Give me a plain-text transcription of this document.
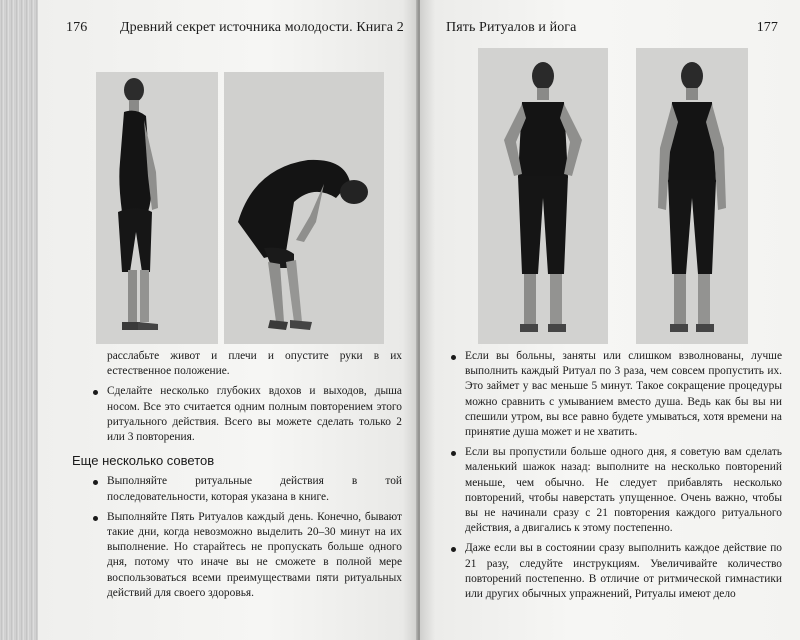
176 Древний секрет источника молодости. Книга 2

расслабьте живот и плечи и опустите руки в их естественное положение.

Сделайте несколько глубоких вдохов и выходов, дыша носом. Все это считается одним полным повторением этого ритуального действия. Всего вы можете сделать только 2 или 3 повторения.
Еще несколько советов
Выполняйте ритуальные действия в той последовательности, которая указана в книге.
Выполняйте Пять Ритуалов каждый день. Конечно, бывают такие дни, когда невозможно выделить 20–30 минут на их выполнение. Но старайтесь не пропускать больше одного дня, потому что иначе вы не сможете в полной мере воспользоваться всеми преимуществами пяти ритуальных действий для своего здоровья.
Пять Ритуалов и йога	177
Если вы больны, заняты или слишком взволнованы, лучше выполнить каждый Ритуал по 3 раза, чем совсем пропустить их. Это займет у вас меньше 5 минут. Такое сокращение процедуры можно сравнить с умыванием вместо душа. Ведь как бы вы ни спешили утром, вы все равно будете умываться, хотя времени на принятие душа может и не хватить.
Если вы пропустили больше одного дня, я советую вам сделать маленький шажок назад: выполните на несколько повторений меньше, чем обычно. Не следует прибавлять несколько повторений, чтобы наверстать упущенное. Очень важно, чтобы вы не начинали сразу с 21 повторения каждого ритуального действия, а двигались к этому постепенно.
Даже если вы в состоянии сразу выполнить каждое действие по 21 разу, следуйте инструкциям. Увеличивайте количество повторений постепенно. В отличие от ритмической гимнастики или других обычных упражнений, Ритуалы имеют дело
